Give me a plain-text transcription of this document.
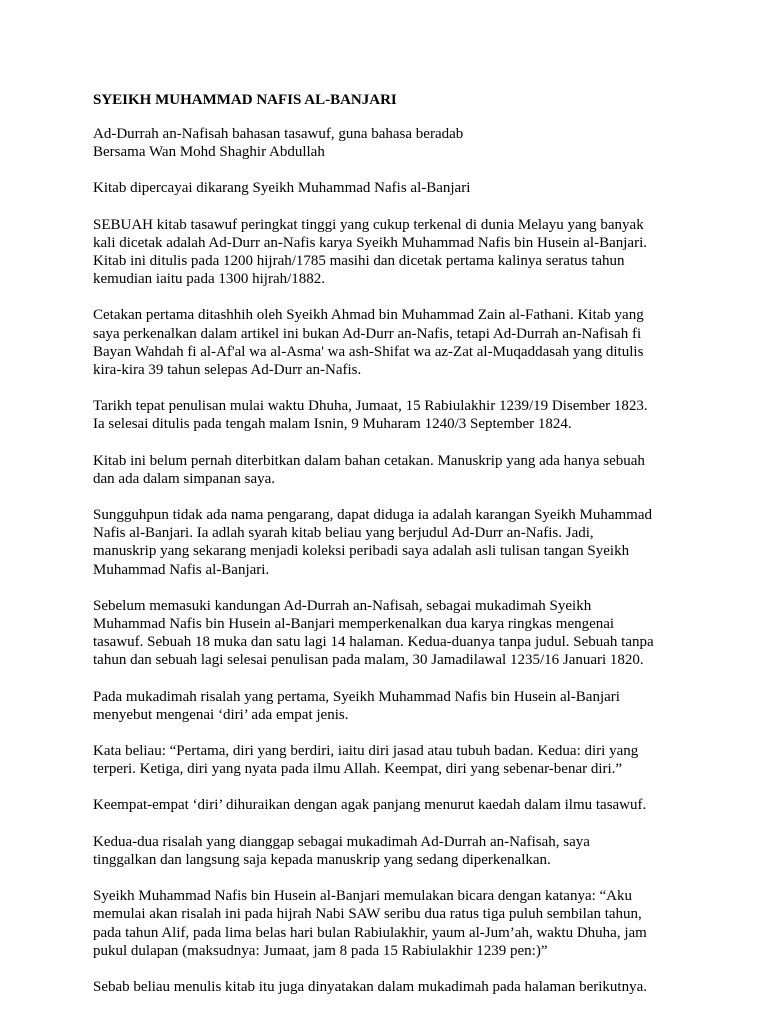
SYEIKH MUHAMMAD NAFIS AL-BANJARI
Ad-Durrah an-Nafisah bahasan tasawuf, guna bahasa beradab
Bersama Wan Mohd Shaghir Abdullah
Kitab dipercayai dikarang Syeikh Muhammad Nafis al-Banjari
SEBUAH kitab tasawuf peringkat tinggi yang cukup terkenal di dunia Melayu yang banyak
kali dicetak adalah Ad-Durr an-Nafis karya Syeikh Muhammad Nafis bin Husein al-Banjari.
Kitab ini ditulis pada 1200 hijrah/1785 masihi dan dicetak pertama kalinya seratus tahun
kemudian iaitu pada 1300 hijrah/1882.
Cetakan pertama ditashhih oleh Syeikh Ahmad bin Muhammad Zain al-Fathani. Kitab yang
saya perkenalkan dalam artikel ini bukan Ad-Durr an-Nafis, tetapi Ad-Durrah an-Nafisah fi
Bayan Wahdah fi al-Af'al wa al-Asma' wa ash-Shifat wa az-Zat al-Muqaddasah yang ditulis
kira-kira 39 tahun selepas Ad-Durr an-Nafis.
Tarikh tepat penulisan mulai waktu Dhuha, Jumaat, 15 Rabiulakhir 1239/19 Disember 1823.
Ia selesai ditulis pada tengah malam Isnin, 9 Muharam 1240/3 September 1824.
Kitab ini belum pernah diterbitkan dalam bahan cetakan. Manuskrip yang ada hanya sebuah
dan ada dalam simpanan saya.
Sungguhpun tidak ada nama pengarang, dapat diduga ia adalah karangan Syeikh Muhammad
Nafis al-Banjari. Ia adlah syarah kitab beliau yang berjudul Ad-Durr an-Nafis. Jadi,
manuskrip yang sekarang menjadi koleksi peribadi saya adalah asli tulisan tangan Syeikh
Muhammad Nafis al-Banjari.
Sebelum memasuki kandungan Ad-Durrah an-Nafisah, sebagai mukadimah Syeikh
Muhammad Nafis bin Husein al-Banjari memperkenalkan dua karya ringkas mengenai
tasawuf. Sebuah 18 muka dan satu lagi 14 halaman. Kedua-duanya tanpa judul. Sebuah tanpa
tahun dan sebuah lagi selesai penulisan pada malam, 30 Jamadilawal 1235/16 Januari 1820.
Pada mukadimah risalah yang pertama, Syeikh Muhammad Nafis bin Husein al-Banjari
menyebut mengenai ‘diri’ ada empat jenis.
Kata beliau: “Pertama, diri yang berdiri, iaitu diri jasad atau tubuh badan. Kedua: diri yang
terperi. Ketiga, diri yang nyata pada ilmu Allah. Keempat, diri yang sebenar-benar diri.”
Keempat-empat ‘diri’ dihuraikan dengan agak panjang menurut kaedah dalam ilmu tasawuf.
Kedua-dua risalah yang dianggap sebagai mukadimah Ad-Durrah an-Nafisah, saya
tinggalkan dan langsung saja kepada manuskrip yang sedang diperkenalkan.
Syeikh Muhammad Nafis bin Husein al-Banjari memulakan bicara dengan katanya: “Aku
memulai akan risalah ini pada hijrah Nabi SAW seribu dua ratus tiga puluh sembilan tahun,
pada tahun Alif, pada lima belas hari bulan Rabiulakhir, yaum al-Jum’ah, waktu Dhuha, jam
pukul dulapan (maksudnya: Jumaat, jam 8 pada 15 Rabiulakhir 1239 pen:)”
Sebab beliau menulis kitab itu juga dinyatakan dalam mukadimah pada halaman berikutnya.
